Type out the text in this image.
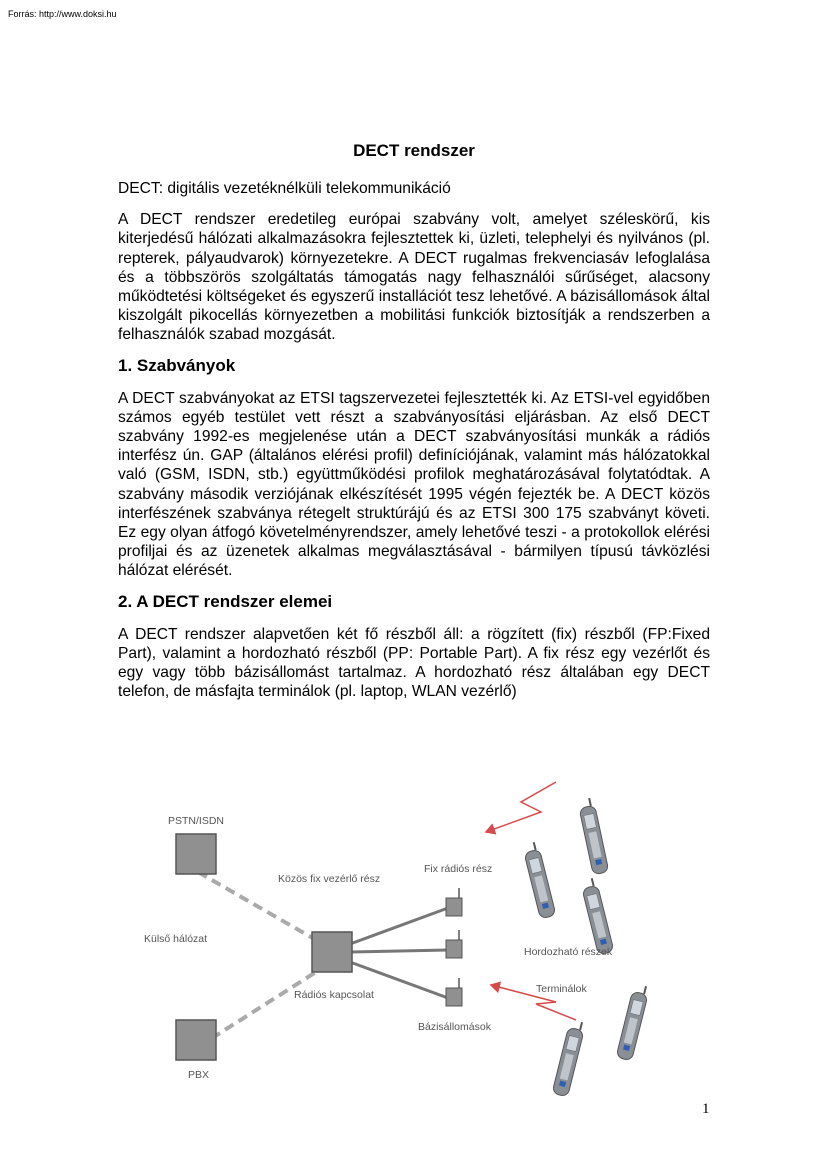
Forrás: http://www.doksi.hu
DECT rendszer

DECT: digitális vezetéknélküli telekommunikáció

A DECT rendszer eredetileg európai szabvány volt, amelyet széleskörű, kis kiterjedésű hálózati alkalmazásokra fejlesztettek ki, üzleti, telephelyi és nyilvános (pl. repterek, pályaudvarok) környezetekre. A DECT rugalmas frekvenciasáv lefoglalása és a többszörös szolgáltatás támogatás nagy felhasználói sűrűséget, alacsony működtetési költségeket és egyszerű installációt tesz lehetővé. A bázisállomások által kiszolgált pikocellás környezetben a mobilitási funkciók biztosítják a rendszerben a felhasználók szabad mozgását.

1. Szabványok

A DECT szabványokat az ETSI tagszervezetei fejlesztették ki. Az ETSI-vel egyidőben számos egyéb testület vett részt a szabványosítási eljárásban. Az első DECT szabvány 1992-es megjelenése után a DECT szabványosítási munkák a rádiós interfész ún. GAP (általános elérési profil) definíciójának, valamint más hálózatokkal való (GSM, ISDN, stb.) együttműködési profilok meghatározásával folytatódtak. A szabvány második verziójának elkészítését 1995 végén fejezték be. A DECT közös interfészének szabványa rétegelt struktúrájú és az ETSI 300 175 szabványt követi. Ez egy olyan átfogó követelményrendszer, amely lehetővé teszi - a protokollok elérési profiljai és az üzenetek alkalmas megválasztásával - bármilyen típusú távközlési hálózat elérését.

2. A DECT rendszer elemei

A DECT rendszer alapvetően két fő részből áll: a rögzített (fix) részből (FP:Fixed Part), valamint a hordozható részből (PP: Portable Part). A fix rész egy vezérlőt és egy vagy több bázisállomást tartalmaz. A hordozható rész általában egy DECT telefon, de másfajta terminálok (pl. laptop, WLAN vezérlő)

PSTN/ISDN
PBX
Külső hálózat
Közös fix vezérlő rész
Rádiós kapcsolat
Fix rádiós rész
Bázisállomások
Hordozható részek
Terminálok
1
